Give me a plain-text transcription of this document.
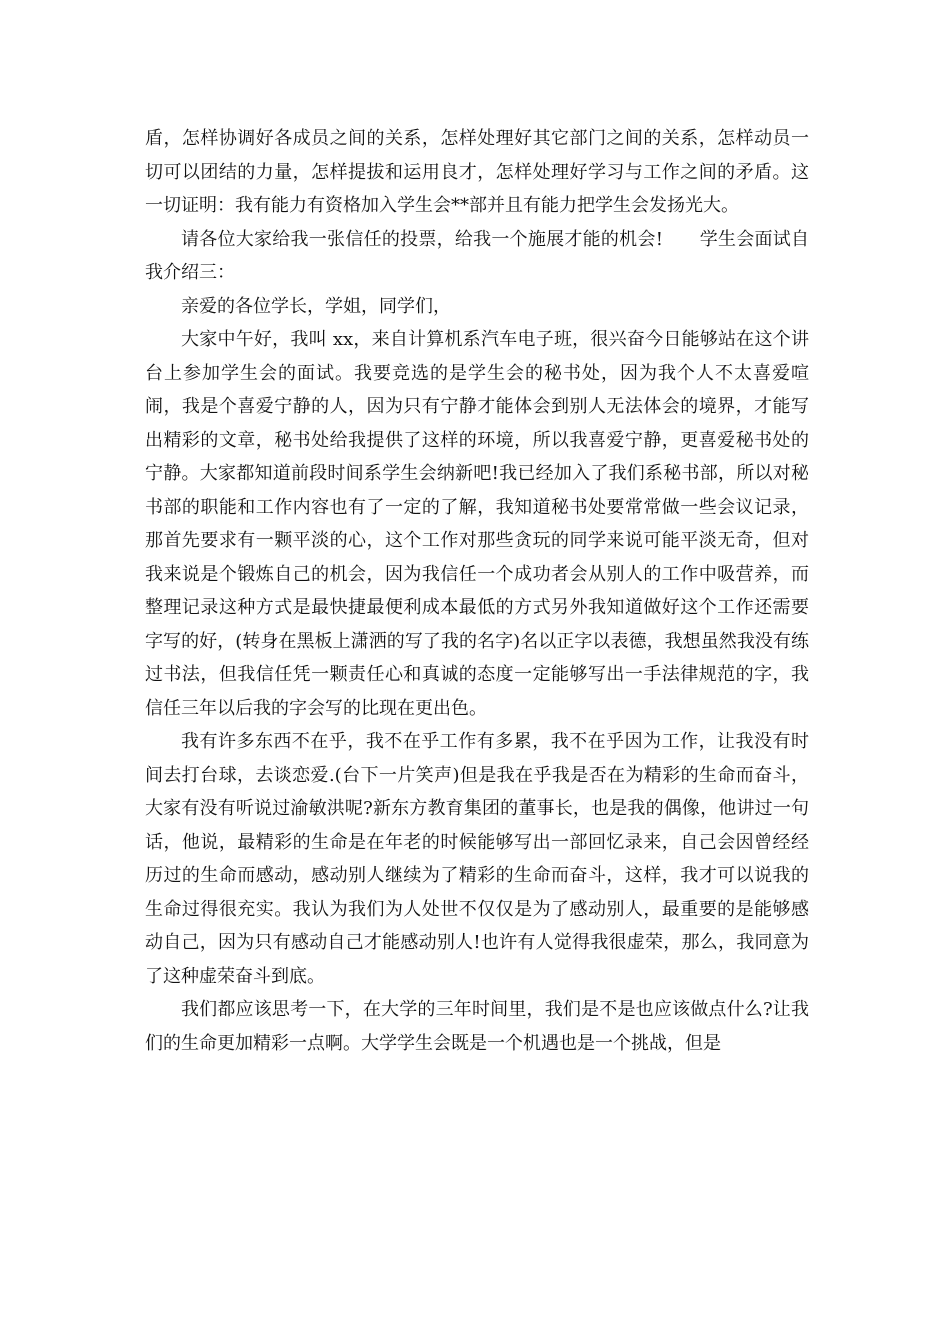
盾，怎样协调好各成员之间的关系，怎样处理好其它部门之间的关系，怎样动员一切可以团结的力量，怎样提拔和运用良才，怎样处理好学习与工作之间的矛盾。这一切证明：我有能力有资格加入学生会**部并且有能力把学生会发扬光大。

请各位大家给我一张信任的投票，给我一个施展才能的机会!　　学生会面试自我介绍三：

亲爱的各位学长，学姐，同学们，

大家中午好，我叫 xx，来自计算机系汽车电子班，很兴奋今日能够站在这个讲台上参加学生会的面试。我要竞选的是学生会的秘书处，因为我个人不太喜爱喧闹，我是个喜爱宁静的人，因为只有宁静才能体会到别人无法体会的境界，才能写出精彩的文章，秘书处给我提供了这样的环境，所以我喜爱宁静，更喜爱秘书处的宁静。大家都知道前段时间系学生会纳新吧!我已经加入了我们系秘书部，所以对秘书部的职能和工作内容也有了一定的了解，我知道秘书处要常常做一些会议记录，那首先要求有一颗平淡的心，这个工作对那些贪玩的同学来说可能平淡无奇，但对我来说是个锻炼自己的机会，因为我信任一个成功者会从别人的工作中吸营养，而整理记录这种方式是最快捷最便利成本最低的方式另外我知道做好这个工作还需要字写的好，(转身在黑板上潇洒的写了我的名字)名以正字以表德，我想虽然我没有练过书法，但我信任凭一颗责任心和真诚的态度一定能够写出一手法律规范的字，我信任三年以后我的字会写的比现在更出色。

我有许多东西不在乎，我不在乎工作有多累，我不在乎因为工作，让我没有时间去打台球，去谈恋爱.(台下一片笑声)但是我在乎我是否在为精彩的生命而奋斗，大家有没有听说过渝敏洪呢?新东方教育集团的董事长，也是我的偶像，他讲过一句话，他说，最精彩的生命是在年老的时候能够写出一部回忆录来，自己会因曾经经历过的生命而感动，感动别人继续为了精彩的生命而奋斗，这样，我才可以说我的生命过得很充实。我认为我们为人处世不仅仅是为了感动别人，最重要的是能够感动自己，因为只有感动自己才能感动别人!也许有人觉得我很虚荣，那么，我同意为了这种虚荣奋斗到底。

我们都应该思考一下，在大学的三年时间里，我们是不是也应该做点什么?让我们的生命更加精彩一点啊。大学学生会既是一个机遇也是一个挑战，但是
